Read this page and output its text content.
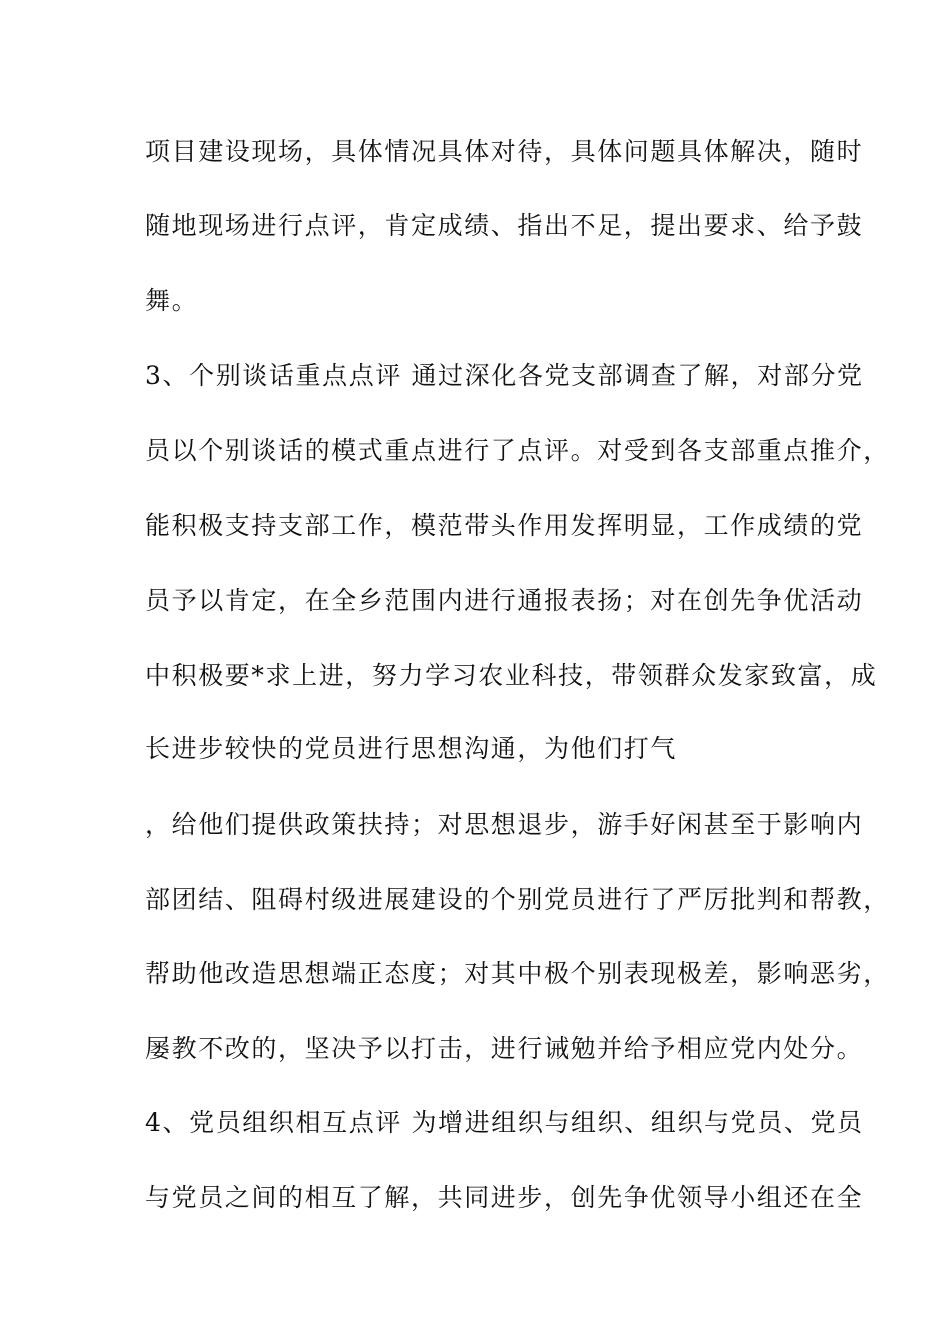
项目建设现场，具体情况具体对待，具体问题具体解决，随时
随地现场进行点评，肯定成绩、指出不足，提出要求、给予鼓
舞。
3、个别谈话重点点评 通过深化各党支部调查了解，对部分党
员以个别谈话的模式重点进行了点评。对受到各支部重点推介，
能积极支持支部工作，模范带头作用发挥明显，工作成绩的党
员予以肯定，在全乡范围内进行通报表扬；对在创先争优活动
中积极要*求上进，努力学习农业科技，带领群众发家致富，成
长进步较快的党员进行思想沟通，为他们打气
，给他们提供政策扶持；对思想退步，游手好闲甚至于影响内
部团结、阻碍村级进展建设的个别党员进行了严厉批判和帮教，
帮助他改造思想端正态度；对其中极个别表现极差，影响恶劣，
屡教不改的，坚决予以打击，进行诫勉并给予相应党内处分。
4、党员组织相互点评 为增进组织与组织、组织与党员、党员
与党员之间的相互了解，共同进步，创先争优领导小组还在全
